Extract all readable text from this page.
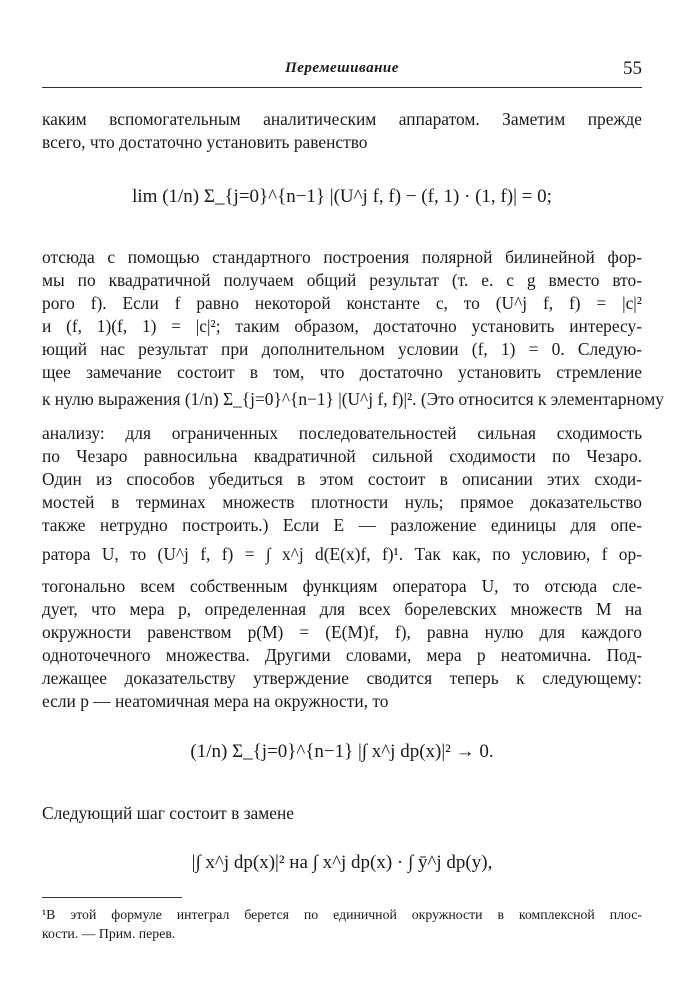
Перемешивание	55
каким вспомогательным аналитическим аппаратом. Заметим прежде
всего, что достаточно установить равенство
lim (1/n) Σ_{j=0}^{n−1} |(U^j f, f) − (f, 1) · (1, f)| = 0;
отсюда с помощью стандартного построения полярной билинейной фор-
мы по квадратичной получаем общий результат (т. е. с g вместо вто-
рого f). Если f равно некоторой константе c, то (U^j f, f) = |c|²
и (f, 1)(f, 1) = |c|²; таким образом, достаточно установить интересу-
ющий нас результат при дополнительном условии (f, 1) = 0. Следую-
щее замечание состоит в том, что достаточно установить стремление
к нулю выражения (1/n) Σ_{j=0}^{n−1} |(U^j f, f)|². (Это относится к элементарному
анализу: для ограниченных последовательностей сильная сходимость
по Чезаро равносильна квадратичной сильной сходимости по Чезаро.
Один из способов убедиться в этом состоит в описании этих сходи-
мостей в терминах множеств плотности нуль; прямое доказательство
также нетрудно построить.) Если E — разложение единицы для опе-
ратора U, то (U^j f, f) = ∫ x^j d(E(x)f, f)¹. Так как, по условию, f ор-
тогонально всем собственным функциям оператора U, то отсюда сле-
дует, что мера p, определенная для всех борелевских множеств M на
окружности равенством p(M) = (E(M)f, f), равна нулю для каждого
одноточечного множества. Другими словами, мера p неатомична. Под-
лежащее доказательству утверждение сводится теперь к следующему:
если p — неатомичная мера на окружности, то
(1/n) Σ_{j=0}^{n−1} |∫ x^j dp(x)|² → 0.
Следующий шаг состоит в замене
|∫ x^j dp(x)|² на ∫ x^j dp(x) · ∫ ȳ^j dp(y),
¹В этой формуле интеграл берется по единичной окружности в комплексной плос-
кости. — Прим. перев.
